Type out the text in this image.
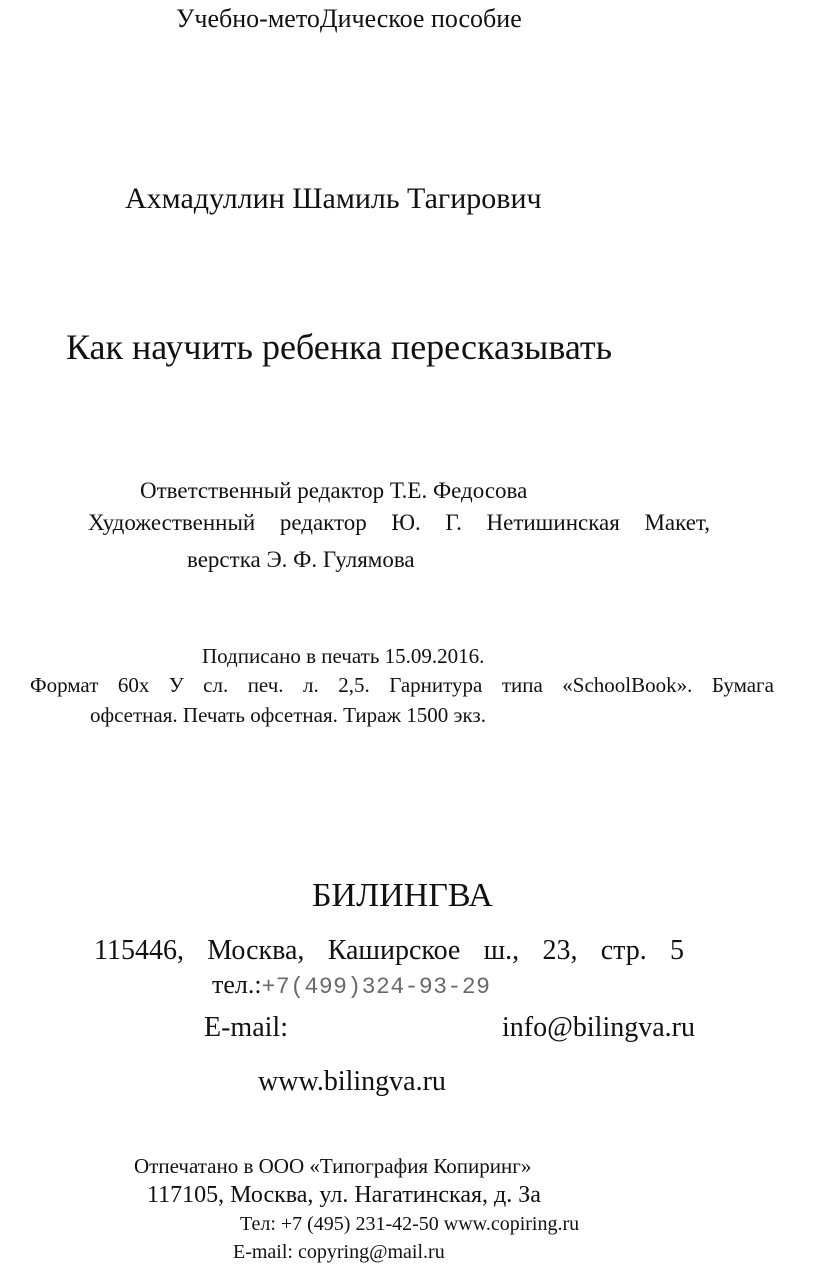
Учебно-метоДическое пособие
Ахмадуллин Шамиль Тагирович
Как научить ребенка пересказывать
Ответственный редактор Т.Е. Федосова
Художественный редактор Ю. Г. Нетишинская Макет,
верстка Э. Ф. Гулямова
Подписано в печать 15.09.2016.
Формат 60х У сл. печ. л. 2,5. Гарнитура типа «SchoolBook». Бумага
офсетная. Печать офсетная. Тираж 1500 экз.
БИЛИНГВА
115446, Москва, Каширское ш., 23, стр. 5
тел.:+7(499)324-93-29
E-mail:	info@bilingva.ru
www.bilingva.ru
Отпечатано в ООО «Типография Копиринг»
117105, Москва, ул. Нагатинская, д. За
Тел: +7 (495) 231-42-50 www.copiring.ru
E-mail: copyring@mail.ru
